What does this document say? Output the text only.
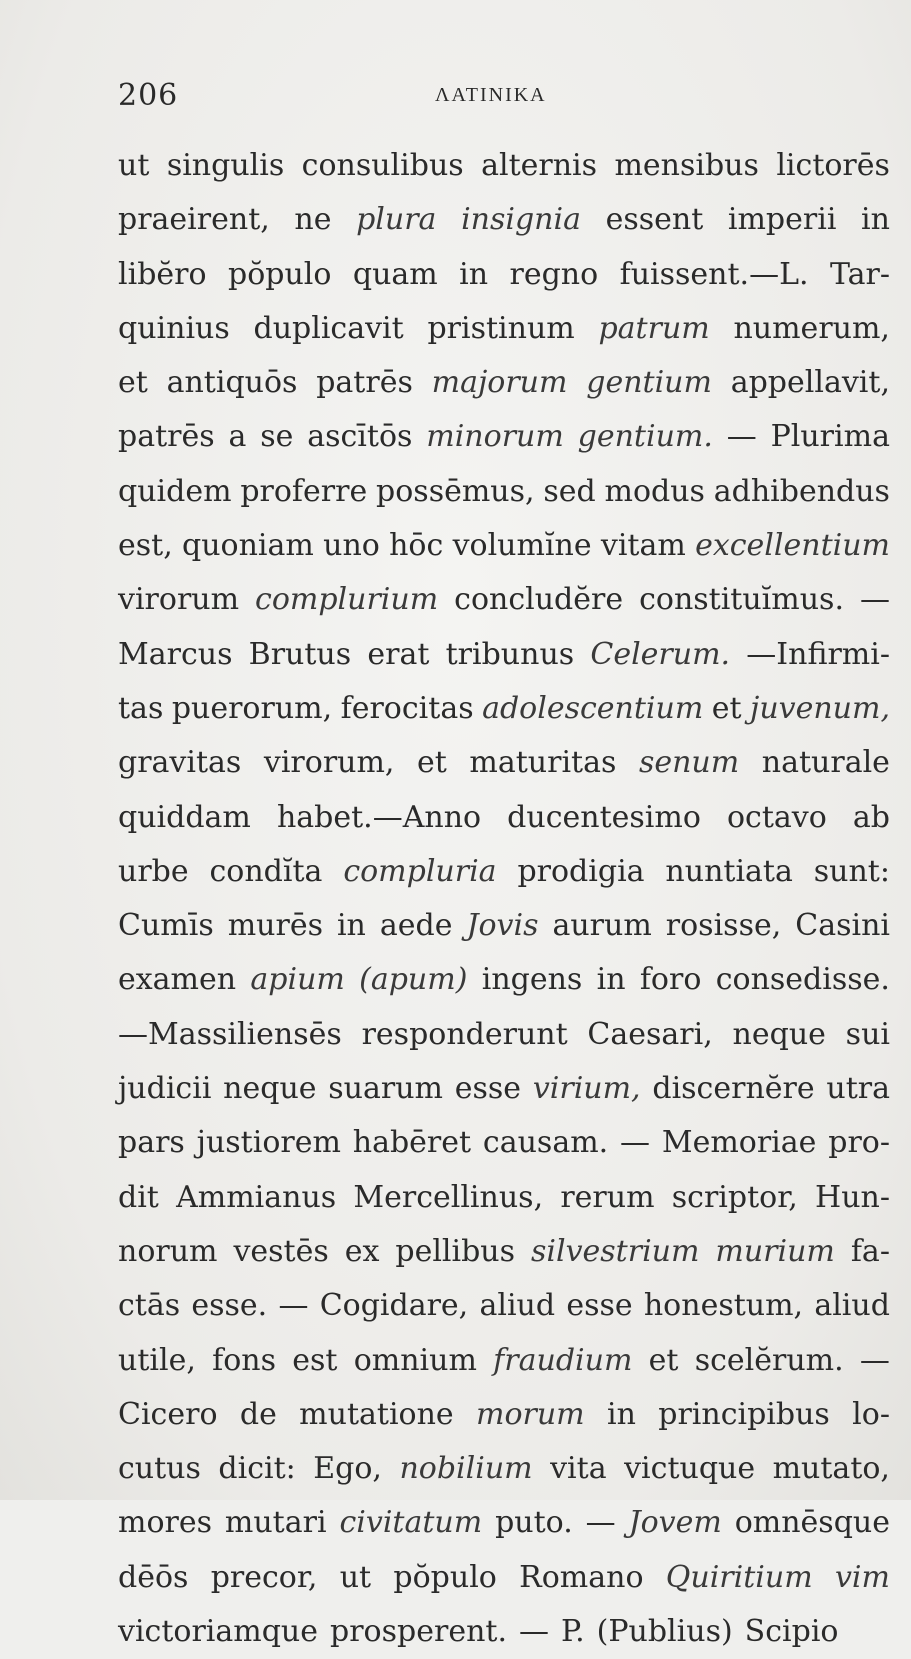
206	ΛΑΤΙΝΙΚΑ
ut singulis consulibus alternis mensibus lictorēs
praeirent, ne plura insignia essent imperii in
libĕro pŏpulo quam in regno fuissent.—L. Tar-
quinius duplicavit pristinum patrum numerum,
et antiquōs patrēs majorum gentium appellavit,
patrēs a se ascītōs minorum gentium. — Plurima
quidem proferre possēmus, sed modus adhibendus
est, quoniam uno hōc volumĭne vitam excellentium
virorum complurium concludĕre constituĭmus. —
Marcus Brutus erat tribunus Celerum. —Infirmi-
tas puerorum, ferocitas adolescentium et juvenum,
gravitas virorum, et maturitas senum naturale
quiddam habet.—Anno ducentesimo octavo ab
urbe condĭta compluria prodigia nuntiata sunt:
Cumīs murēs in aede Jovis aurum rosisse, Casini
examen apium (apum) ingens in foro consedisse.
—Massiliensēs responderunt Caesari, neque sui
judicii neque suarum esse virium, discernĕre utra
pars justiorem habēret causam. — Memoriae pro-
dit Ammianus Mercellinus, rerum scriptor, Hun-
norum vestēs ex pellibus silvestrium murium fa-
ctās esse. — Cogidare, aliud esse honestum, aliud
utile, fons est omnium fraudium et scelĕrum. —
Cicero de mutatione morum in principibus lo-
cutus dicit: Ego, nobilium vita victuque mutato,
mores mutari civitatum puto. — Jovem omnēsque
dēōs precor, ut pŏpulo Romano Quiritium vim
victoriamque prosperent. — P. (Publius) Scipio
